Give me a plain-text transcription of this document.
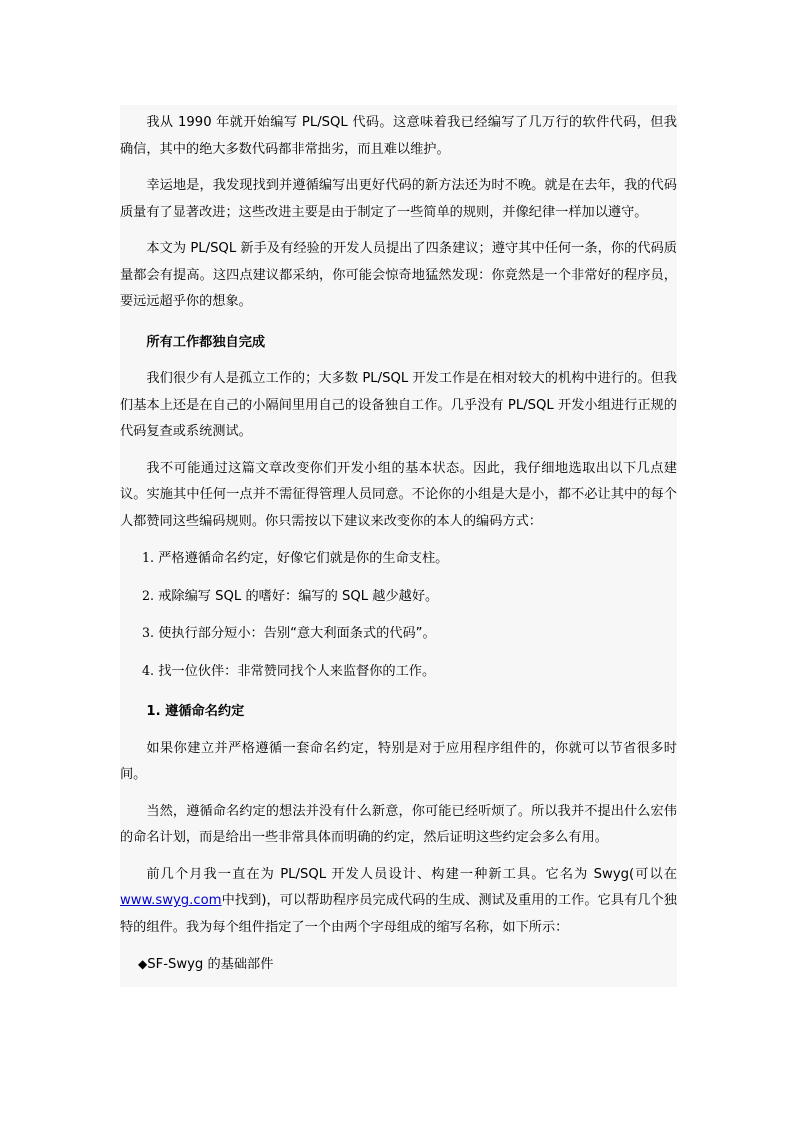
我从 1990 年就开始编写 PL/SQL 代码。这意味着我已经编写了几万行的软件代码，但我确信，其中的绝大多数代码都非常拙劣，而且难以维护。

幸运地是，我发现找到并遵循编写出更好代码的新方法还为时不晚。就是在去年，我的代码质量有了显著改进；这些改进主要是由于制定了一些简单的规则，并像纪律一样加以遵守。

本文为 PL/SQL 新手及有经验的开发人员提出了四条建议；遵守其中任何一条，你的代码质量都会有提高。这四点建议都采纳，你可能会惊奇地猛然发现：你竟然是一个非常好的程序员，要远远超乎你的想象。

所有工作都独自完成

我们很少有人是孤立工作的；大多数 PL/SQL 开发工作是在相对较大的机构中进行的。但我们基本上还是在自己的小隔间里用自己的设备独自工作。几乎没有 PL/SQL 开发小组进行正规的代码复查或系统测试。

我不可能通过这篇文章改变你们开发小组的基本状态。因此，我仔细地选取出以下几点建议。实施其中任何一点并不需征得管理人员同意。不论你的小组是大是小，都不必让其中的每个人都赞同这些编码规则。你只需按以下建议来改变你的本人的编码方式：

1. 严格遵循命名约定，好像它们就是你的生命支柱。

2. 戒除编写 SQL 的嗜好：编写的 SQL 越少越好。

3. 使执行部分短小：告别“意大利面条式的代码”。

4. 找一位伙伴：非常赞同找个人来监督你的工作。

1. 遵循命名约定

如果你建立并严格遵循一套命名约定，特别是对于应用程序组件的，你就可以节省很多时间。

当然，遵循命名约定的想法并没有什么新意，你可能已经听烦了。所以我并不提出什么宏伟的命名计划，而是给出一些非常具体而明确的约定，然后证明这些约定会多么有用。

前几个月我一直在为 PL/SQL 开发人员设计、构建一种新工具。它名为 Swyg(可以在www.swyg.com中找到)，可以帮助程序员完成代码的生成、测试及重用的工作。它具有几个独特的组件。我为每个组件指定了一个由两个字母组成的缩写名称，如下所示：

◆SF-Swyg 的基础部件
